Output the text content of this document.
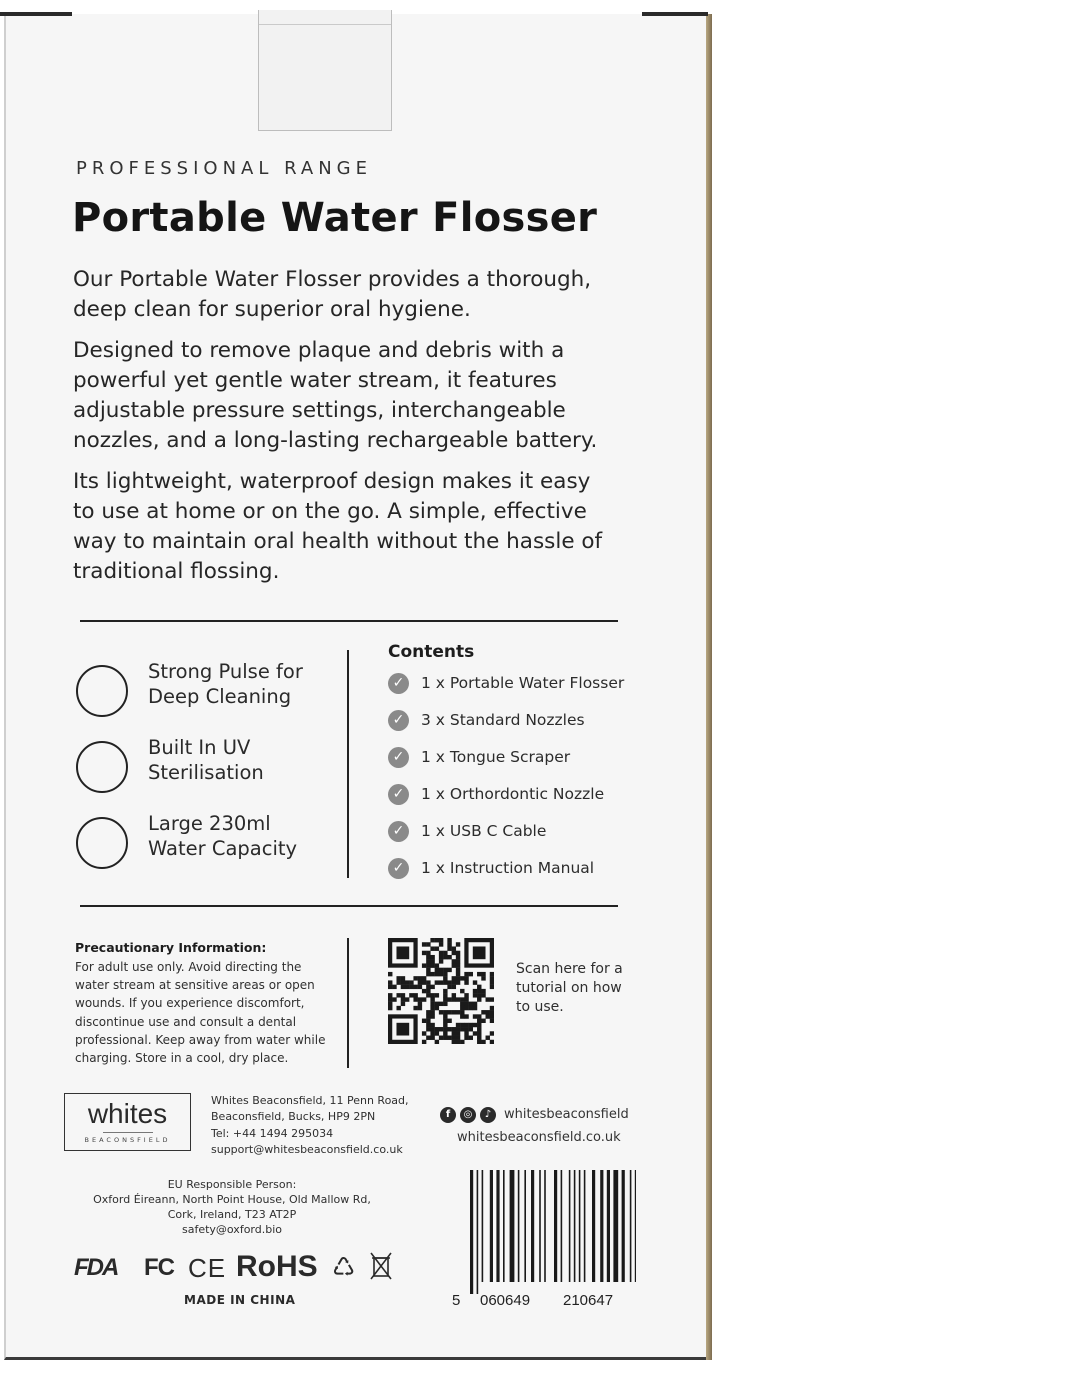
PROFESSIONAL RANGE

Portable Water Flosser

Our Portable Water Flosser provides a thorough, deep clean for superior oral hygiene.

Designed to remove plaque and debris with a powerful yet gentle water stream, it features adjustable pressure settings, interchangeable nozzles, and a long-lasting rechargeable battery.

Its lightweight, waterproof design makes it easy to use at home or on the go. A simple, effective way to maintain oral health without the hassle of traditional flossing.

Strong Pulse for
Deep Cleaning
Built In UV
Sterilisation
Large 230ml
Water Capacity
Contents
✓ 1 x Portable Water Flosser
✓ 3 x Standard Nozzles
✓ 1 x Tongue Scraper
✓ 1 x Orthordontic Nozzle
✓ 1 x USB C Cable
✓ 1 x Instruction Manual
Precautionary Information:
For adult use only. Avoid directing the water stream at sensitive areas or open wounds. If you experience discomfort, discontinue use and consult a dental professional. Keep away from water while charging. Store in a cool, dry place.
Scan here for a tutorial on how to use.
whites
BEACONSFIELD
Whites Beaconsfield, 11 Penn Road,
Beaconsfield, Bucks, HP9 2PN
Tel: +44 1494 295034
support@whitesbeaconsfield.co.uk
f ◎ ♪ whitesbeaconsfield
whitesbeaconsfield.co.uk
EU Responsible Person:
Oxford Éireann, North Point House, Old Mallow Rd,
Cork, Ireland, T23 AT2P
safety@oxford.bio
5 060649 210647
FDA FC CE RoHS ♺
MADE IN CHINA
